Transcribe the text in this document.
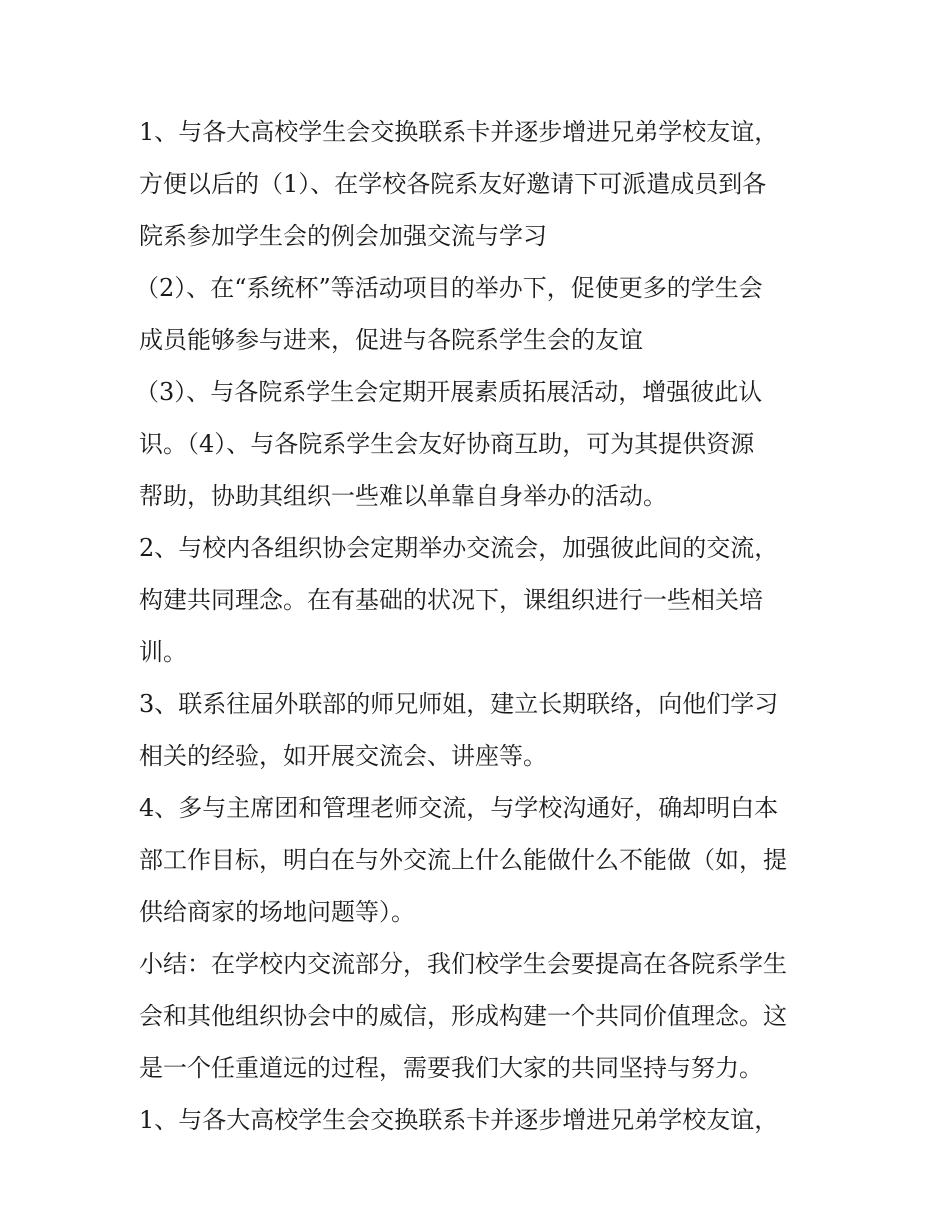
1、与各大高校学生会交换联系卡并逐步增进兄弟学校友谊，
方便以后的（1）、在学校各院系友好邀请下可派遣成员到各
院系参加学生会的例会加强交流与学习
（2）、在“系统杯”等活动项目的举办下，促使更多的学生会
成员能够参与进来，促进与各院系学生会的友谊
（3）、与各院系学生会定期开展素质拓展活动，增强彼此认
识。（4）、与各院系学生会友好协商互助，可为其提供资源
帮助，协助其组织一些难以单靠自身举办的活动。
2、与校内各组织协会定期举办交流会，加强彼此间的交流，
构建共同理念。在有基础的状况下，课组织进行一些相关培
训。
3、联系往届外联部的师兄师姐，建立长期联络，向他们学习
相关的经验，如开展交流会、讲座等。
4、多与主席团和管理老师交流，与学校沟通好，确却明白本
部工作目标，明白在与外交流上什么能做什么不能做（如，提
供给商家的场地问题等）。
小结：在学校内交流部分，我们校学生会要提高在各院系学生
会和其他组织协会中的威信，形成构建一个共同价值理念。这
是一个任重道远的过程，需要我们大家的共同坚持与努力。
1、与各大高校学生会交换联系卡并逐步增进兄弟学校友谊，
